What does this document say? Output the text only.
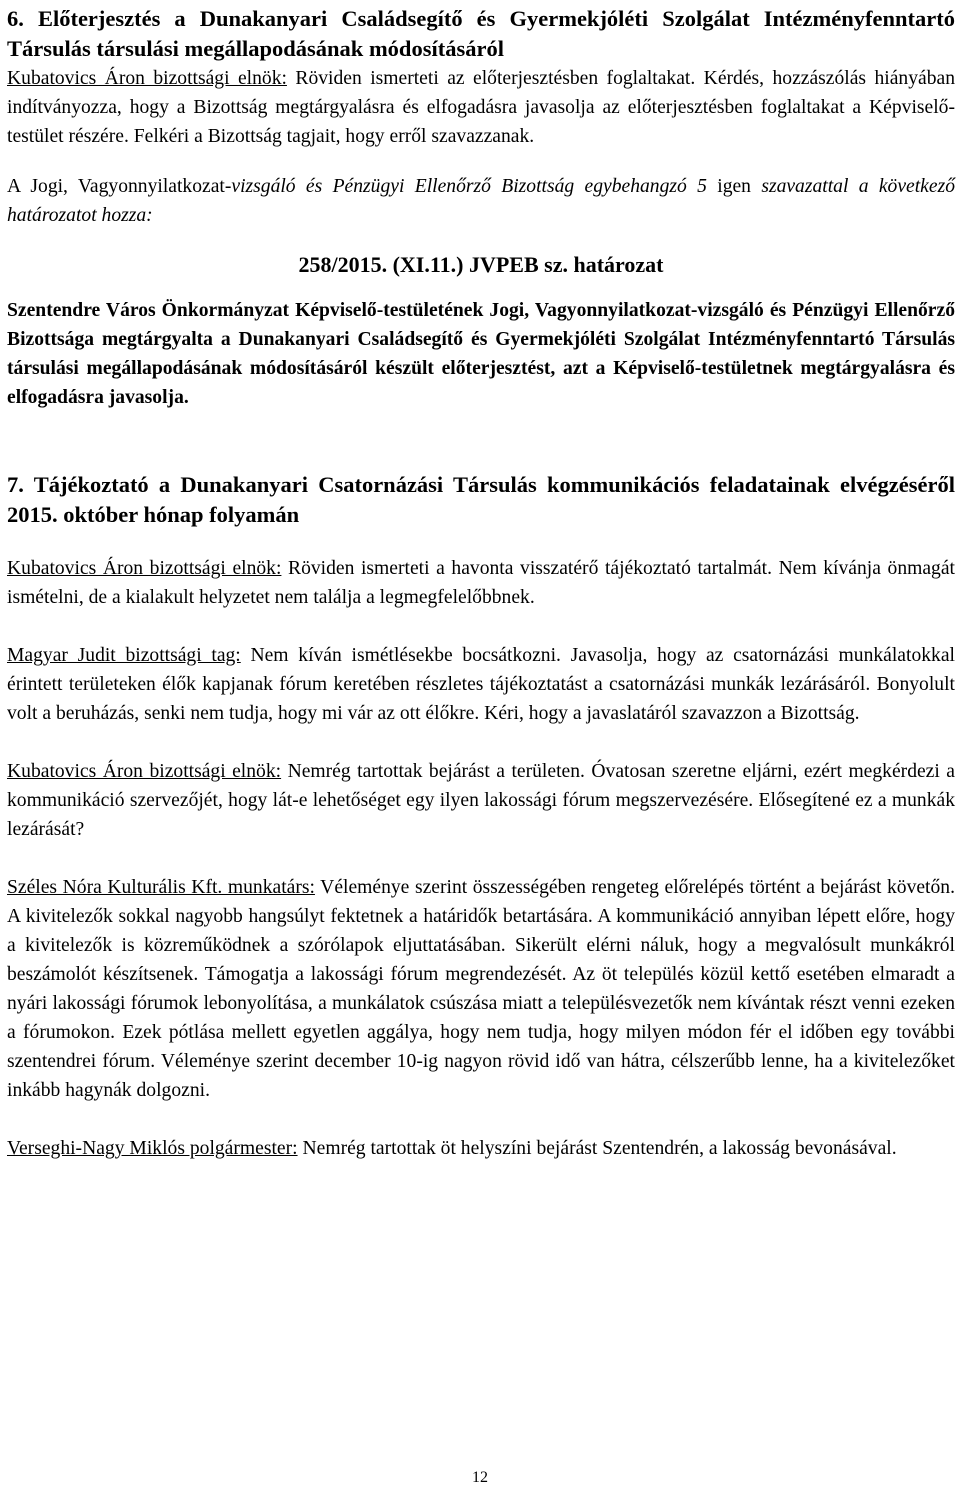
6. Előterjesztés a Dunakanyari Családsegítő és Gyermekjóléti Szolgálat Intézményfenntartó Társulás társulási megállapodásának módosításáról

Kubatovics Áron bizottsági elnök: Röviden ismerteti az előterjesztésben foglaltakat. Kérdés, hozzászólás hiányában indítványozza, hogy a Bizottság megtárgyalásra és elfogadásra javasolja az előterjesztésben foglaltakat a Képviselő-testület részére. Felkéri a Bizottság tagjait, hogy erről szavazzanak.

A Jogi, Vagyonnyilatkozat-vizsgáló és Pénzügyi Ellenőrző Bizottság egybehangzó 5 igen szavazattal a következő határozatot hozza:

258/2015. (XI.11.) JVPEB sz. határozat

Szentendre Város Önkormányzat Képviselő-testületének Jogi, Vagyonnyilatkozat-vizsgáló és Pénzügyi Ellenőrző Bizottsága megtárgyalta a Dunakanyari Családsegítő és Gyermekjóléti Szolgálat Intézményfenntartó Társulás társulási megállapodásának módosításáról készült előterjesztést, azt a Képviselő-testületnek megtárgyalásra és elfogadásra javasolja.

7. Tájékoztató a Dunakanyari Csatornázási Társulás kommunikációs feladatainak elvégzéséről 2015. október hónap folyamán

Kubatovics Áron bizottsági elnök: Röviden ismerteti a havonta visszatérő tájékoztató tartalmát. Nem kívánja önmagát ismételni, de a kialakult helyzetet nem találja a legmegfelelőbbnek.

Magyar Judit bizottsági tag: Nem kíván ismétlésekbe bocsátkozni. Javasolja, hogy az csatornázási munkálatokkal érintett területeken élők kapjanak fórum keretében részletes tájékoztatást a csatornázási munkák lezárásáról. Bonyolult volt a beruházás, senki nem tudja, hogy mi vár az ott élőkre. Kéri, hogy a javaslatáról szavazzon a Bizottság.

Kubatovics Áron bizottsági elnök: Nemrég tartottak bejárást a területen. Óvatosan szeretne eljárni, ezért megkérdezi a kommunikáció szervezőjét, hogy lát-e lehetőséget egy ilyen lakossági fórum megszervezésére. Elősegítené ez a munkák lezárását?

Széles Nóra Kulturális Kft. munkatárs: Véleménye szerint összességében rengeteg előrelépés történt a bejárást követőn. A kivitelezők sokkal nagyobb hangsúlyt fektetnek a határidők betartására. A kommunikáció annyiban lépett előre, hogy a kivitelezők is közreműködnek a szórólapok eljuttatásában. Sikerült elérni náluk, hogy a megvalósult munkákról beszámolót készítsenek. Támogatja a lakossági fórum megrendezését. Az öt település közül kettő esetében elmaradt a nyári lakossági fórumok lebonyolítása, a munkálatok csúszása miatt a településvezetők nem kívántak részt venni ezeken a fórumokon. Ezek pótlása mellett egyetlen aggálya, hogy nem tudja, hogy milyen módon fér el időben egy további szentendrei fórum. Véleménye szerint december 10-ig nagyon rövid idő van hátra, célszerűbb lenne, ha a kivitelezőket inkább hagynák dolgozni.

Verseghi-Nagy Miklós polgármester: Nemrég tartottak öt helyszíni bejárást Szentendrén, a lakosság bevonásával.

12
